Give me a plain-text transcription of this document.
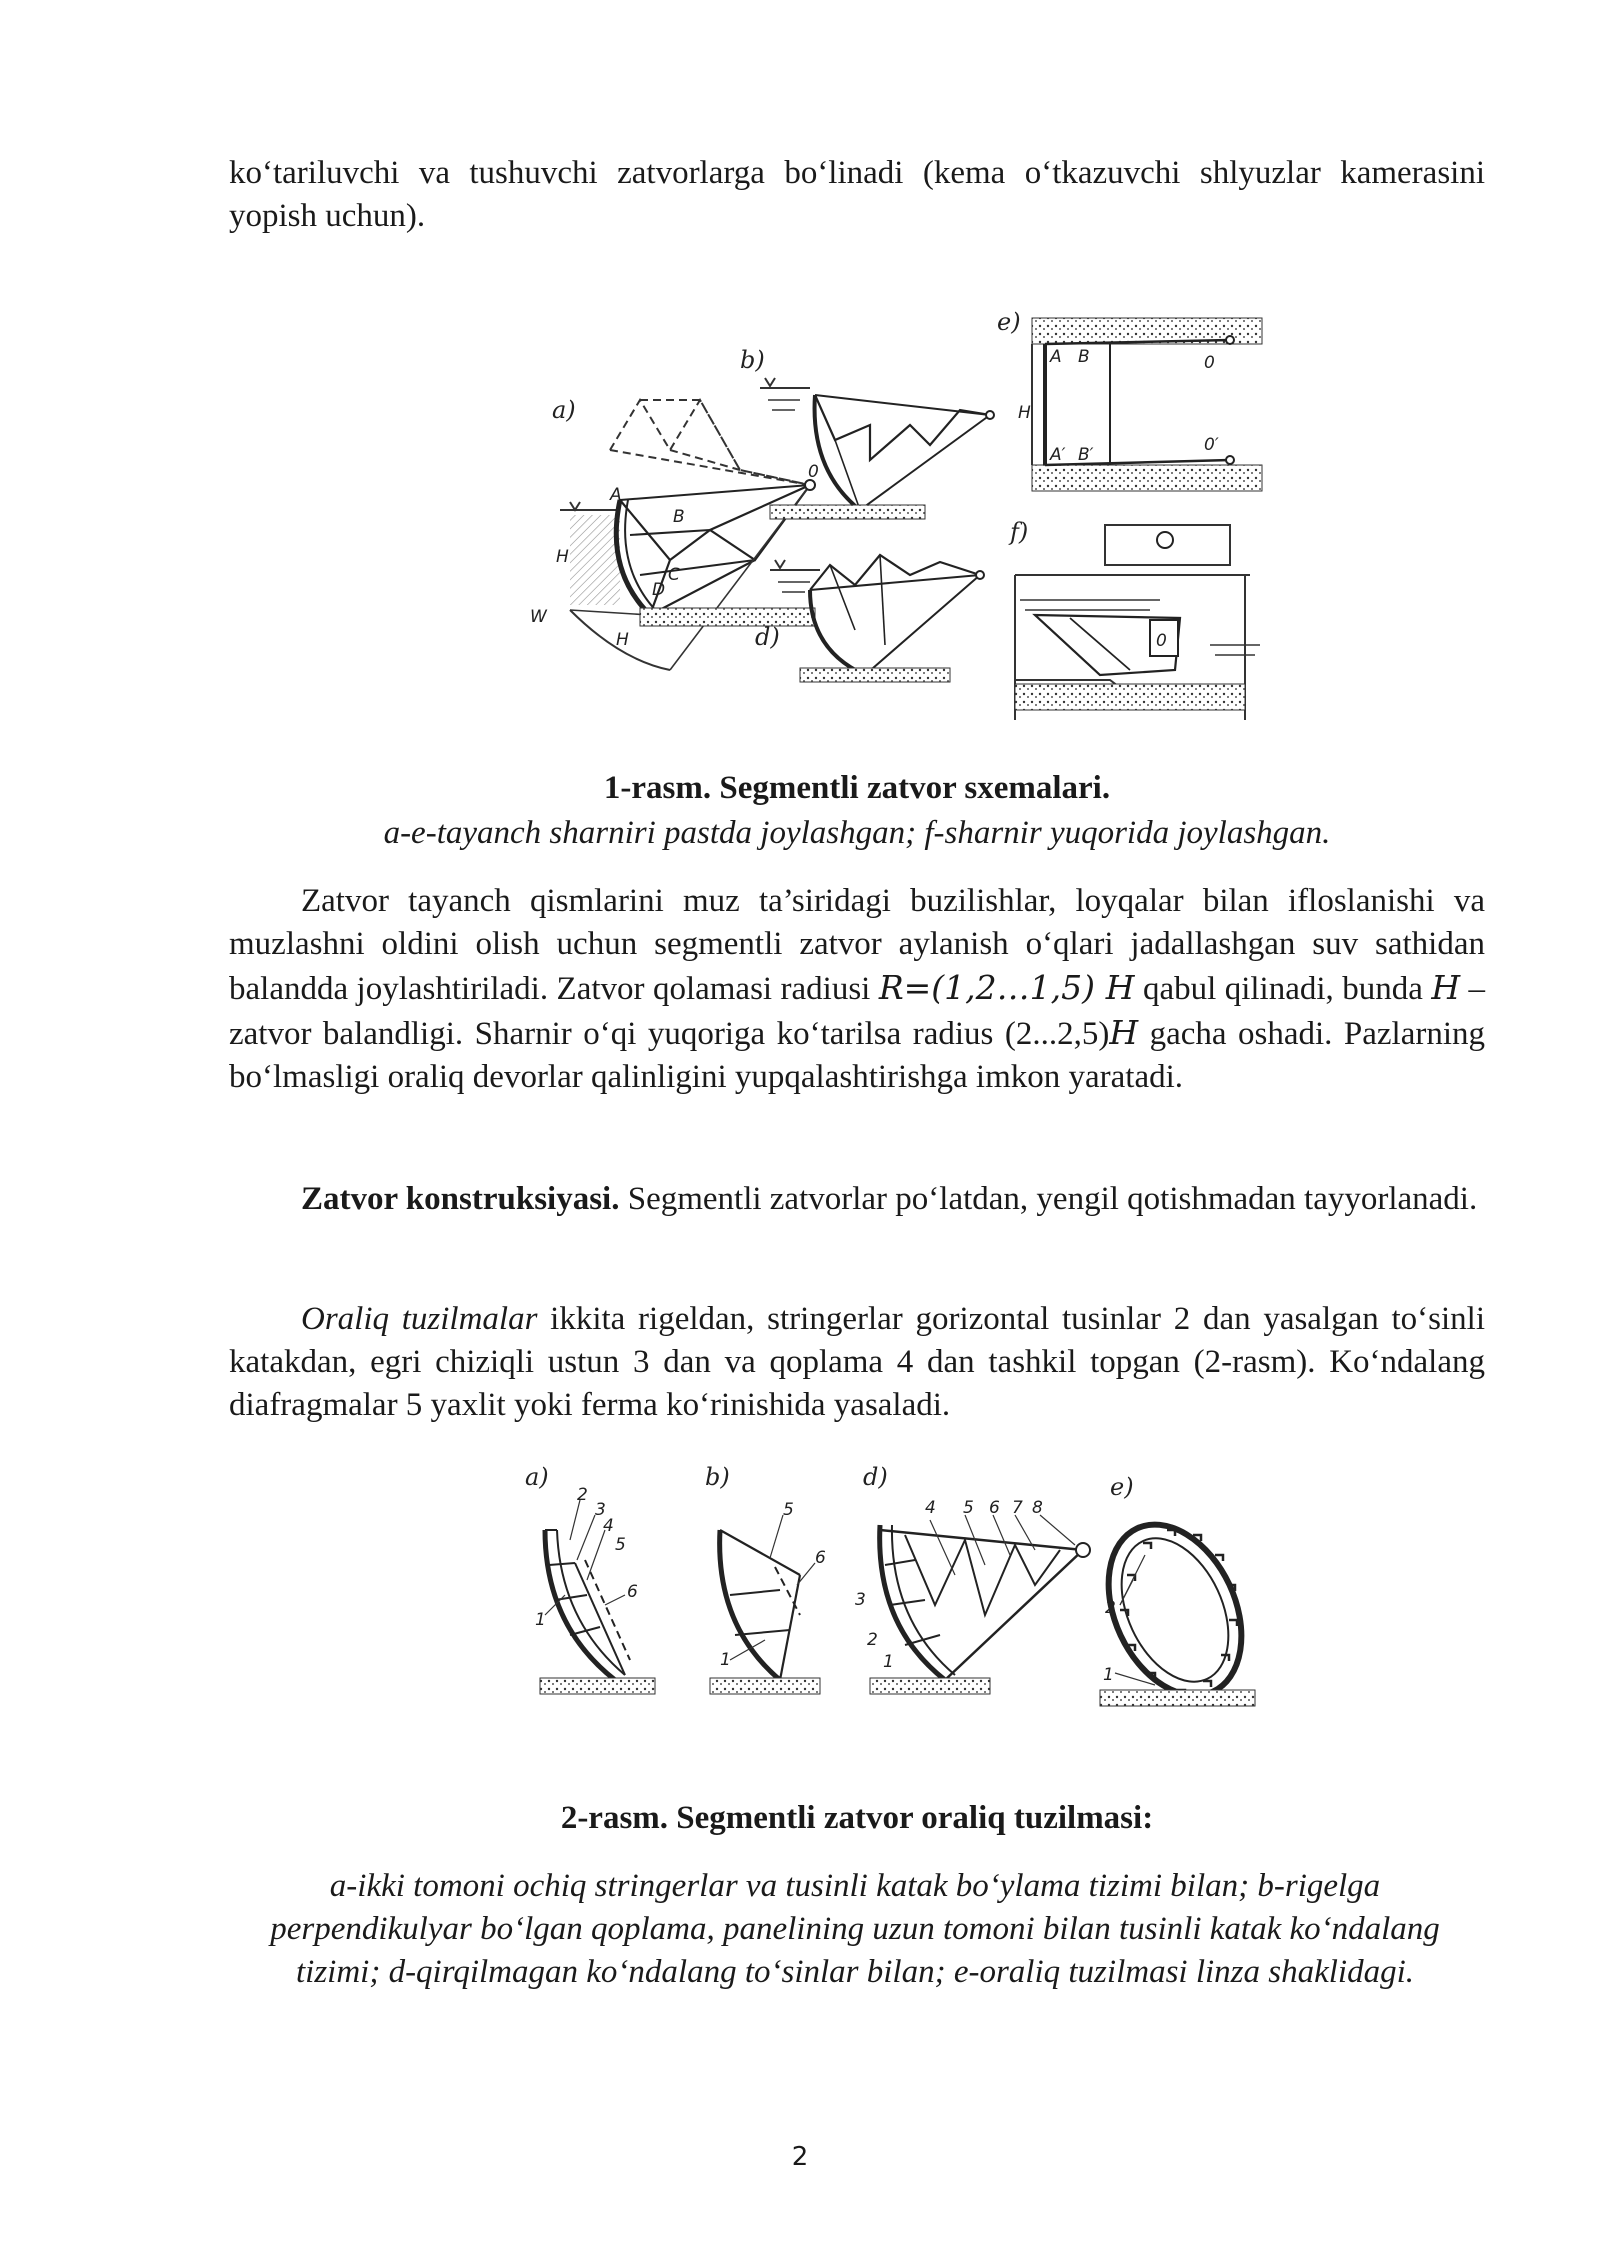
ko‘tariluvchi va tushuvchi zatvorlarga bo‘linadi (kema o‘tkazuvchi shlyuzlar kamerasini yopish uchun).

a)
0
A
B
C
D
H
W
H
b)
d)
e)
A B	0
A′ B′	0′
H
f)
0

1-rasm. Segmentli zatvor sxemalari.

a-e-tayanch sharniri pastda joylashgan; f-sharnir yuqorida joylashgan.

Zatvor tayanch qismlarini muz ta’siridagi buzilishlar, loyqalar bilan ifloslanishi va muzlashni oldini olish uchun segmentli zatvor aylanish o‘qlari jadallashgan suv sathidan balandda joylashtiriladi. Zatvor qolamasi radiusi R=(1,2…1,5) H qabul qilinadi, bunda H – zatvor balandligi. Sharnir o‘qi yuqoriga ko‘tarilsa radius (2...2,5)H gacha oshadi. Pazlarning bo‘lmasligi oraliq devorlar qalinligini yupqalashtirishga imkon yaratadi.

Zatvor konstruksiyasi. Segmentli zatvorlar po‘latdan, yengil qotishmadan tayyorlanadi.

Oraliq tuzilmalar ikkita rigeldan, stringerlar gorizontal tusinlar 2 dan yasalgan to‘sinli katakdan, egri chiziqli ustun 3 dan va qoplama 4 dan tashkil topgan (2-rasm). Ko‘ndalang diafragmalar 5 yaxlit yoki ferma ko‘rinishida yasaladi.

a)
2
3
4
5
6
1
b)
5
6
1
d)
4 5 6 7 8
3
2
1
e)
2
1

2-rasm. Segmentli zatvor oraliq tuzilmasi:

a-ikki tomoni ochiq stringerlar va tusinli katak bo‘ylama tizimi bilan; b-rigelga perpendikulyar bo‘lgan qoplama, panelining uzun tomoni bilan tusinli katak ko‘ndalang tizimi; d-qirqilmagan ko‘ndalang to‘sinlar bilan; e-oraliq tuzilmasi linza shaklidagi.

2
